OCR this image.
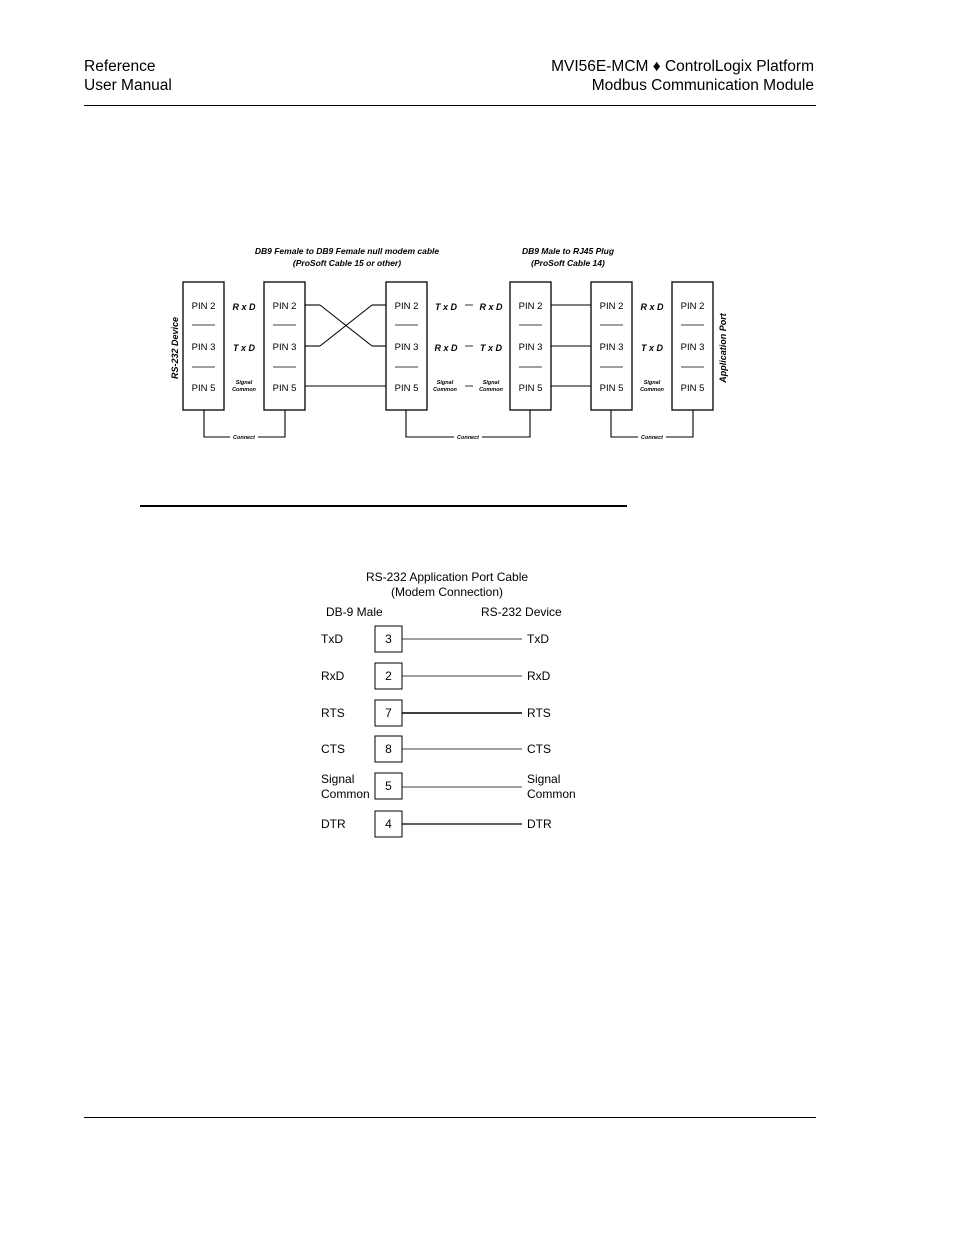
Reference
User Manual
MVI56E-MCM ♦ ControlLogix Platform
Modbus Communication Module
DB9 Female to DB9 Female null modem cable
(ProSoft Cable 15 or other)
DB9 Male to RJ45 Plug
(ProSoft Cable 14)
RS-232 Device	Application Port
PIN 2
PIN 3
PIN 5
PIN 2
PIN 3
PIN 5
PIN 2
PIN 3
PIN 5
PIN 2
PIN 3
PIN 5
PIN 2
PIN 3
PIN 5
PIN 2
PIN 3
PIN 5
R x D
T x D
T x D
R x D
R x D
T x D
R x D
T x D
Signal
Common
Signal
Common
Signal
Common
Signal
Common
Connect	Connect	Connect
RS-232 Application Port Cable
(Modem Connection)
DB-9 Male	RS-232 Device
TxD	3	TxD
RxD	2	RxD
RTS	7	RTS
CTS	8	CTS
Signal
Common
5	Signal
Common
DTR	4	DTR
